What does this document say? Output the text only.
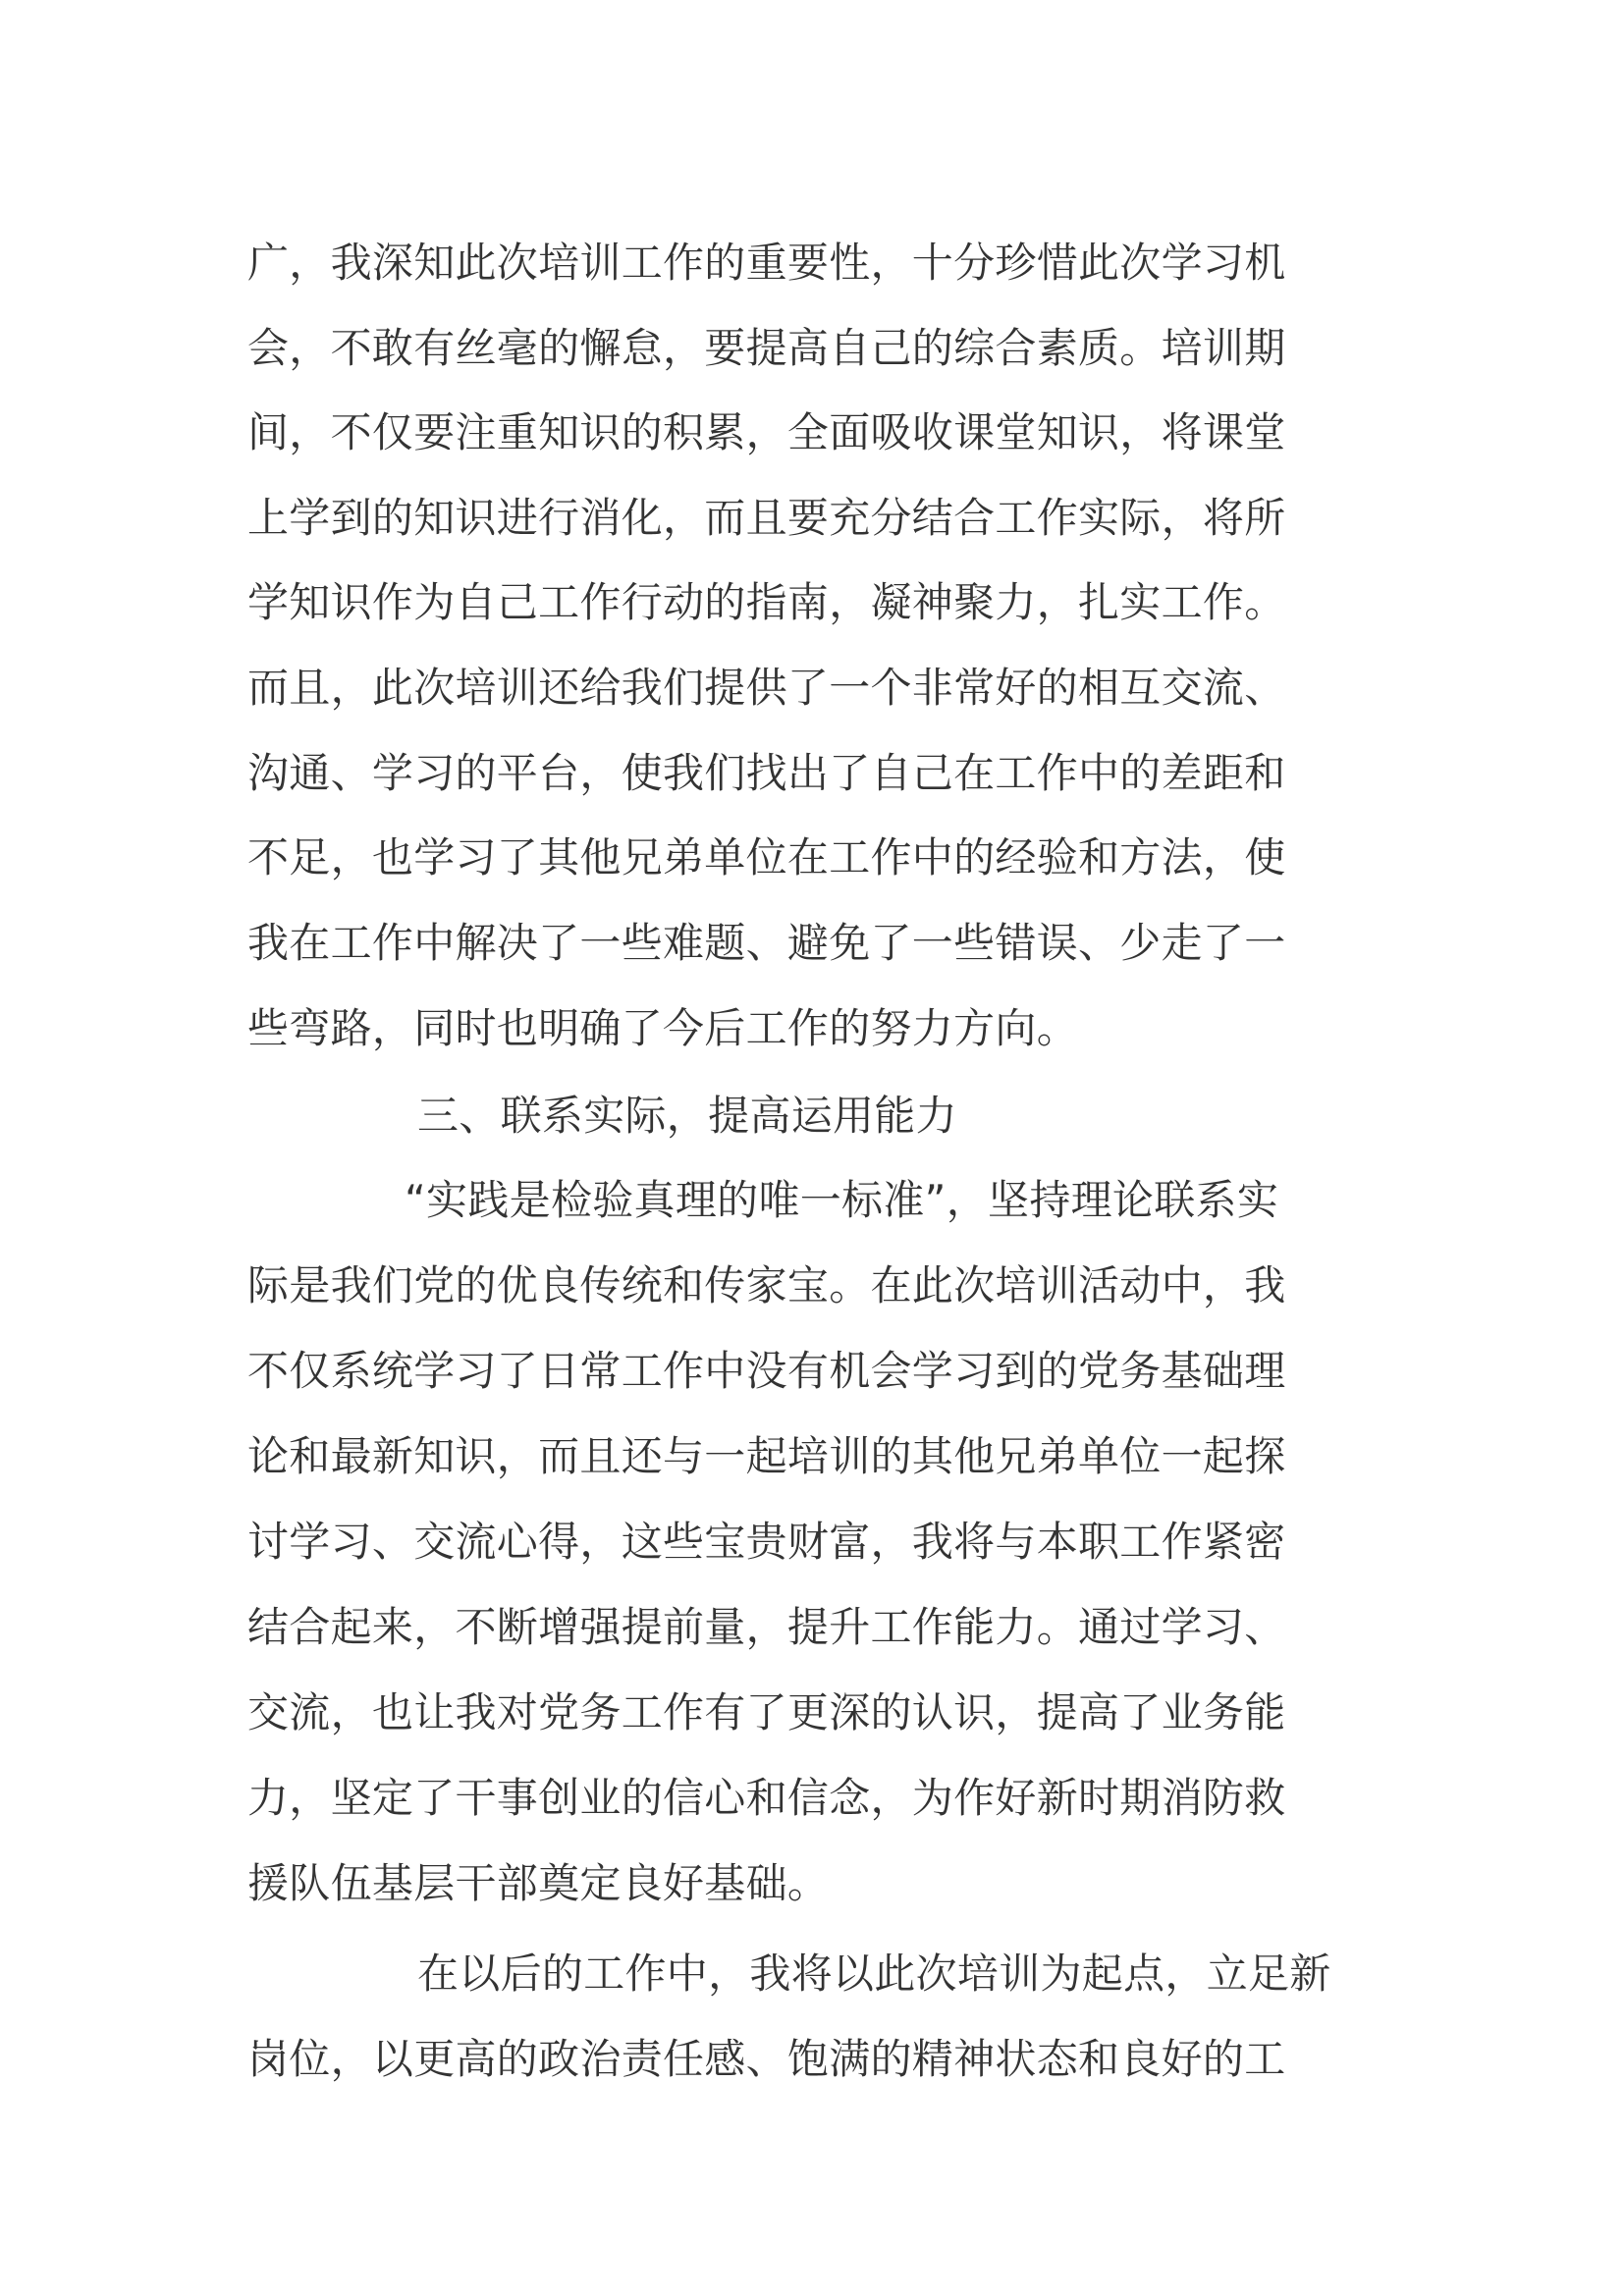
广，我深知此次培训工作的重要性，十分珍惜此次学习机
会，不敢有丝毫的懈怠，要提高自己的综合素质。培训期
间，不仅要注重知识的积累，全面吸收课堂知识，将课堂
上学到的知识进行消化，而且要充分结合工作实际，将所
学知识作为自己工作行动的指南，凝神聚力，扎实工作。
而且，此次培训还给我们提供了一个非常好的相互交流、
沟通、学习的平台，使我们找出了自己在工作中的差距和
不足，也学习了其他兄弟单位在工作中的经验和方法，使
我在工作中解决了一些难题、避免了一些错误、少走了一
些弯路，同时也明确了今后工作的努力方向。
三、联系实际，提高运用能力
“实践是检验真理的唯一标准”，坚持理论联系实
际是我们党的优良传统和传家宝。在此次培训活动中，我
不仅系统学习了日常工作中没有机会学习到的党务基础理
论和最新知识，而且还与一起培训的其他兄弟单位一起探
讨学习、交流心得，这些宝贵财富，我将与本职工作紧密
结合起来，不断增强提前量，提升工作能力。通过学习、
交流，也让我对党务工作有了更深的认识，提高了业务能
力，坚定了干事创业的信心和信念，为作好新时期消防救
援队伍基层干部奠定良好基础。
在以后的工作中，我将以此次培训为起点，立足新
岗位，以更高的政治责任感、饱满的精神状态和良好的工
